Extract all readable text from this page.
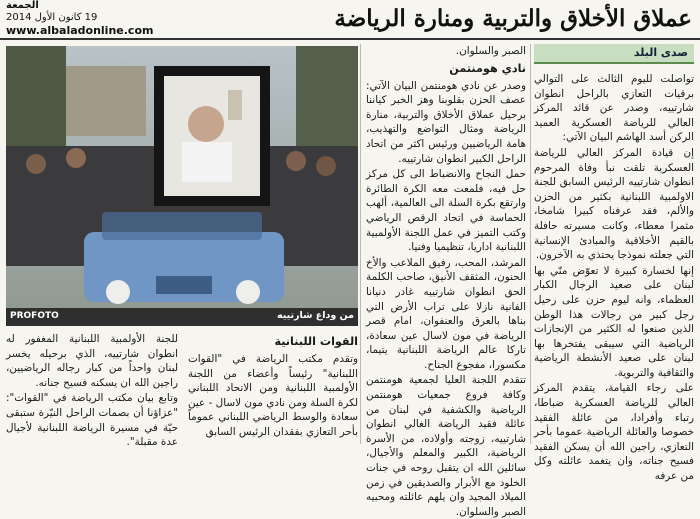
عملاق الأخلاق والتربية ومنارة الرياضة
الجمعة
19 كانون الأول 2014
www.albaladonline.com
صدى البلد

تواصلت لليوم الثالث على التوالي برقيات التعازي بالراحل انطوان شارتييه، وصدر عن قائد المركز العالي للرياضة العسكرية العميد الركن أسد الهاشم البيان الآتي:

إن قيادة المركز العالي للرياضة العسكرية تلقت نبأ وفاة المرحوم انطوان شارتييه الرئيس السابق للجنة الاولمبية اللبنانية بكثير من الحزن والألم، فقد عرفناه كبيرا شامخا، مثمرا معطاء، وكانت مسيرته حافلة بالقيم الأخلاقية والمبادئ الإنسانية التي جعلته نموذجا يحتذي به الآخرون.

إنها لخسارة كبيرة لا تعوّض منّي بها لبنان على صعيد الرجال الكبار العظماء، وانه ليوم حزن على رحيل رجل كبير من رجالات هذا الوطن الذين صنعوا له الكثير من الإنجازات الرياضية التي سيبقى يفتخرها بها لبنان على صعيد الأنشطة الرياضية والثقافية والتربوية.

على رجاء القيامة، يتقدم المركز العالي للرياضة العسكرية ضباطا، رتباء وأفرادا، من عائلة الفقيد خصوصا والعائلة الرياضية عموما بأحر التعازي، راجين الله أن يسكن الفقيد فسيح جناته، وان يتغمد عائلته وكل من عرفه

الصبر والسلوان.

نادي هومنتمن

وصدر عن نادي هومنتمن البيان الآتي: عصف الحزن بقلوبنا وهز الخبر كياننا برحيل عملاق الأخلاق والتربية، منارة الرياضة ومثال التواضع والتهذيب، هامة الرياضيين ورئيس اكثر من اتحاد الراحل الكبير انطوان شارتييه.

حمل النجاح والانضباط الى كل مركز حل فيه، فلمعت معه الكرة الطائرة وارتقع بكرة السلة الى العالمية، ألهب الحماسة في اتحاد الرقص الرياضي وكتب التميز في عمل اللجنة الأولمبية اللبنانية اداريا، تنظيميا وفنيا.

المرشد، المحب، رفيق الملاعب والأخ الحنون، المثقف الأنيق، صاحب الكلمة الحق انطوان شارتييه غادر دنيانا الفانية نازلا على تراب الأرض التي بناها بالعرق والعنفوان، امام قصر الرياضة في مون لاسال عين سعادة، تاركا عالم الرياضة اللبنانية يتيما، مكسورا، مفجوع الجناح.

تتقدم اللجنة العليا لجمعية هومنتمن وكافة فروع جمعيات هومنتمن الرياضية والكشفية في لبنان من عائلة فقيد الرياضة الغالي انطوان شارتييه، زوجته وأولاده، من الأسرة الرياضية، الكبير والمعلم والأجيال، سائلين الله ان يتقبل روحه في جنات الخلود مع الأبرار والصديقين في زمن الميلاد المجيد وان يلهم عائلته ومحبيه الصبر والسلوان.

من وداع شارتييه
PROFOTO
القوات اللبنانية

وتقدم مكتب الرياضة في "القوات اللبنانية" رئيساً وأعضاء من اللجنة الأولمبية اللبنانية ومن الاتحاد اللبناني لكرة السلة ومن نادي مون لاسال - عين سعادة والوسط الرياضي اللبناني عموماً بأحر التعازي بفقدان الرئيس السابق

للجنة الأولمبية اللبنانية المغفور له انطوان شارتييه، الذي برحيله يخسر لبنان واحداً من كبار رجاله الرياضيين، راجين الله ان يسكنه فسيح جنانه.

وتابع بيان مكتب الرياضة في "القوات": "عزاؤنا أن بصمات الراحل النيّرة ستبقى حيّة في مسيرة الرياضة اللبنانية لأجيال عدة مقبلة".
